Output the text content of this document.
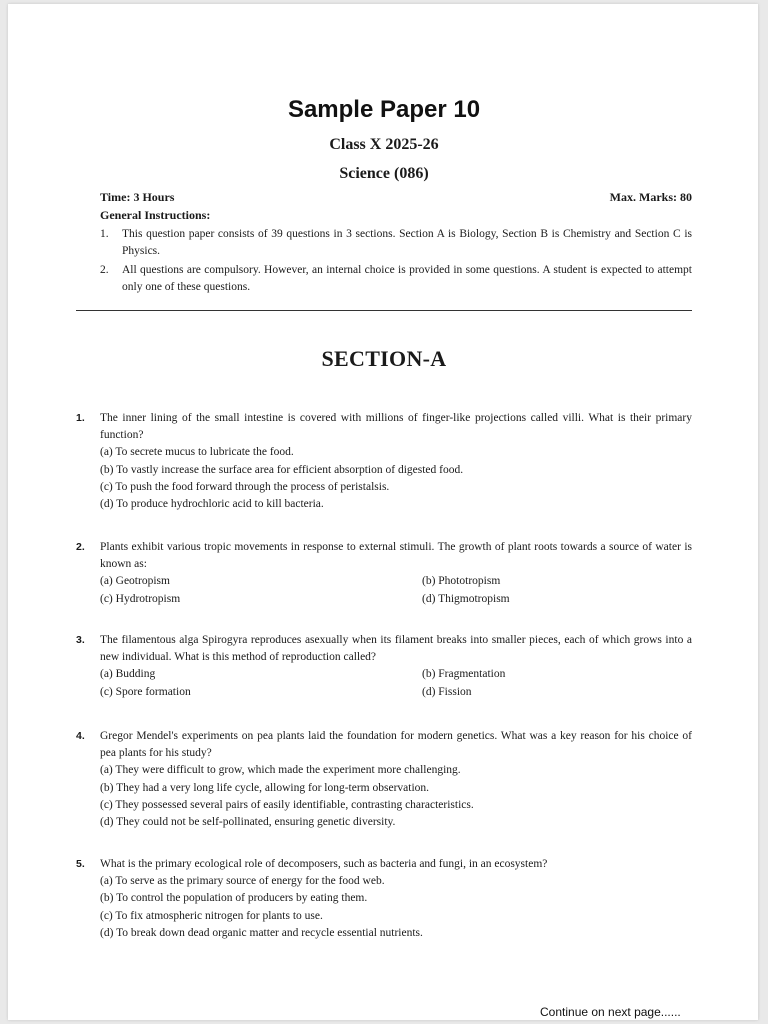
Sample Paper 10
Class X 2025-26
Science (086)
Time: 3 Hours	Max. Marks: 80
General Instructions:
1.	This question paper consists of 39 questions in 3 sections. Section A is Biology, Section B is Chemistry and Section C is Physics.
2.	All questions are compulsory. However, an internal choice is provided in some questions. A student is expected to attempt only one of these questions.
SECTION-A
1.	The inner lining of the small intestine is covered with millions of finger-like projections called villi. What is their primary function?
(a) To secrete mucus to lubricate the food.
(b) To vastly increase the surface area for efficient absorption of digested food.
(c) To push the food forward through the process of peristalsis.
(d) To produce hydrochloric acid to kill bacteria.
2.	Plants exhibit various tropic movements in response to external stimuli. The growth of plant roots towards a source of water is known as:
(a) Geotropism	(b) Phototropism
(c) Hydrotropism	(d) Thigmotropism
3.	The filamentous alga Spirogyra reproduces asexually when its filament breaks into smaller pieces, each of which grows into a new individual. What is this method of reproduction called?
(a) Budding	(b) Fragmentation
(c) Spore formation	(d) Fission
4.	Gregor Mendel's experiments on pea plants laid the foundation for modern genetics. What was a key reason for his choice of pea plants for his study?
(a) They were difficult to grow, which made the experiment more challenging.
(b) They had a very long life cycle, allowing for long-term observation.
(c) They possessed several pairs of easily identifiable, contrasting characteristics.
(d) They could not be self-pollinated, ensuring genetic diversity.
5.	What is the primary ecological role of decomposers, such as bacteria and fungi, in an ecosystem?
(a) To serve as the primary source of energy for the food web.
(b) To control the population of producers by eating them.
(c) To fix atmospheric nitrogen for plants to use.
(d) To break down dead organic matter and recycle essential nutrients.
Continue on next page......
